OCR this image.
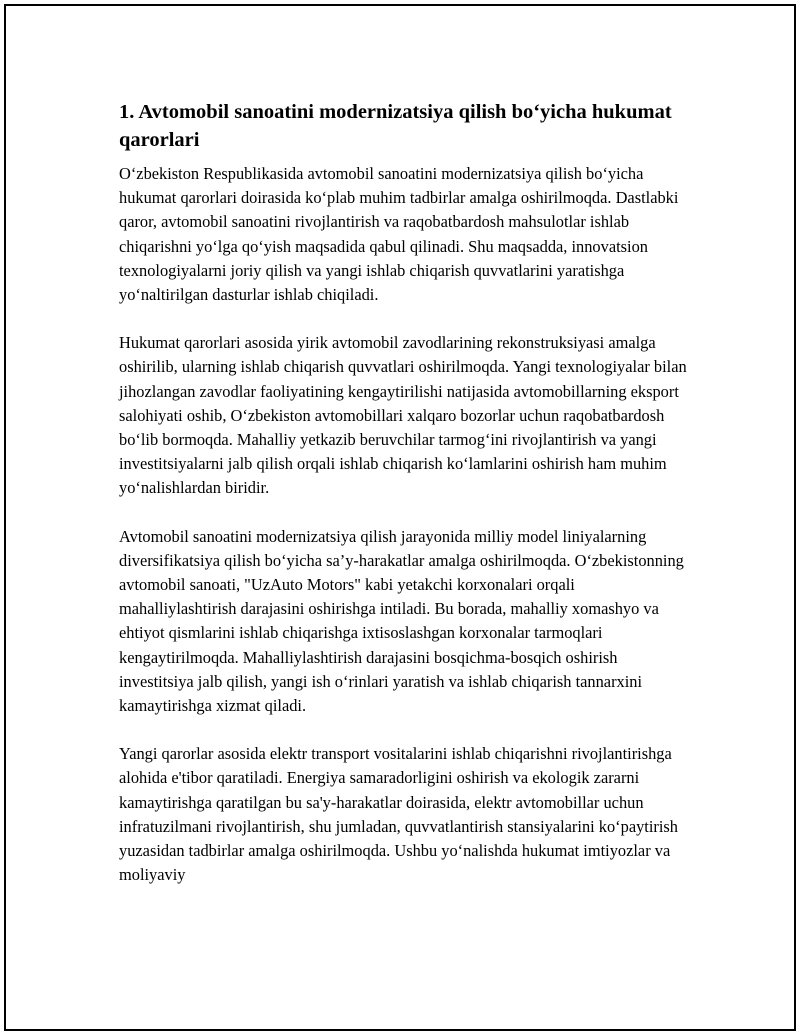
1. Avtomobil sanoatini modernizatsiya qilish bo‘yicha hukumat qarorlari

O‘zbekiston Respublikasida avtomobil sanoatini modernizatsiya qilish bo‘yicha hukumat qarorlari doirasida ko‘plab muhim tadbirlar amalga oshirilmoqda. Dastlabki qaror, avtomobil sanoatini rivojlantirish va raqobatbardosh mahsulotlar ishlab chiqarishni yo‘lga qo‘yish maqsadida qabul qilinadi. Shu maqsadda, innovatsion texnologiyalarni joriy qilish va yangi ishlab chiqarish quvvatlarini yaratishga yo‘naltirilgan dasturlar ishlab chiqiladi.

Hukumat qarorlari asosida yirik avtomobil zavodlarining rekonstruksiyasi amalga oshirilib, ularning ishlab chiqarish quvvatlari oshirilmoqda. Yangi texnologiyalar bilan jihozlangan zavodlar faoliyatining kengaytirilishi natijasida avtomobillarning eksport salohiyati oshib, O‘zbekiston avtomobillari xalqaro bozorlar uchun raqobatbardosh bo‘lib bormoqda. Mahalliy yetkazib beruvchilar tarmog‘ini rivojlantirish va yangi investitsiyalarni jalb qilish orqali ishlab chiqarish ko‘lamlarini oshirish ham muhim yo‘nalishlardan biridir.

Avtomobil sanoatini modernizatsiya qilish jarayonida milliy model liniyalarning diversifikatsiya qilish bo‘yicha sa’y-harakatlar amalga oshirilmoqda. O‘zbekistonning avtomobil sanoati, "UzAuto Motors" kabi yetakchi korxonalari orqali mahalliylashtirish darajasini oshirishga intiladi. Bu borada, mahalliy xomashyo va ehtiyot qismlarini ishlab chiqarishga ixtisoslashgan korxonalar tarmoqlari kengaytirilmoqda. Mahalliylashtirish darajasini bosqichma-bosqich oshirish investitsiya jalb qilish, yangi ish o‘rinlari yaratish va ishlab chiqarish tannarxini kamaytirishga xizmat qiladi.

Yangi qarorlar asosida elektr transport vositalarini ishlab chiqarishni rivojlantirishga alohida e'tibor qaratiladi. Energiya samaradorligini oshirish va ekologik zararni kamaytirishga qaratilgan bu sa'y-harakatlar doirasida, elektr avtomobillar uchun infratuzilmani rivojlantirish, shu jumladan, quvvatlantirish stansiyalarini ko‘paytirish yuzasidan tadbirlar amalga oshirilmoqda. Ushbu yo‘nalishda hukumat imtiyozlar va moliyaviy
